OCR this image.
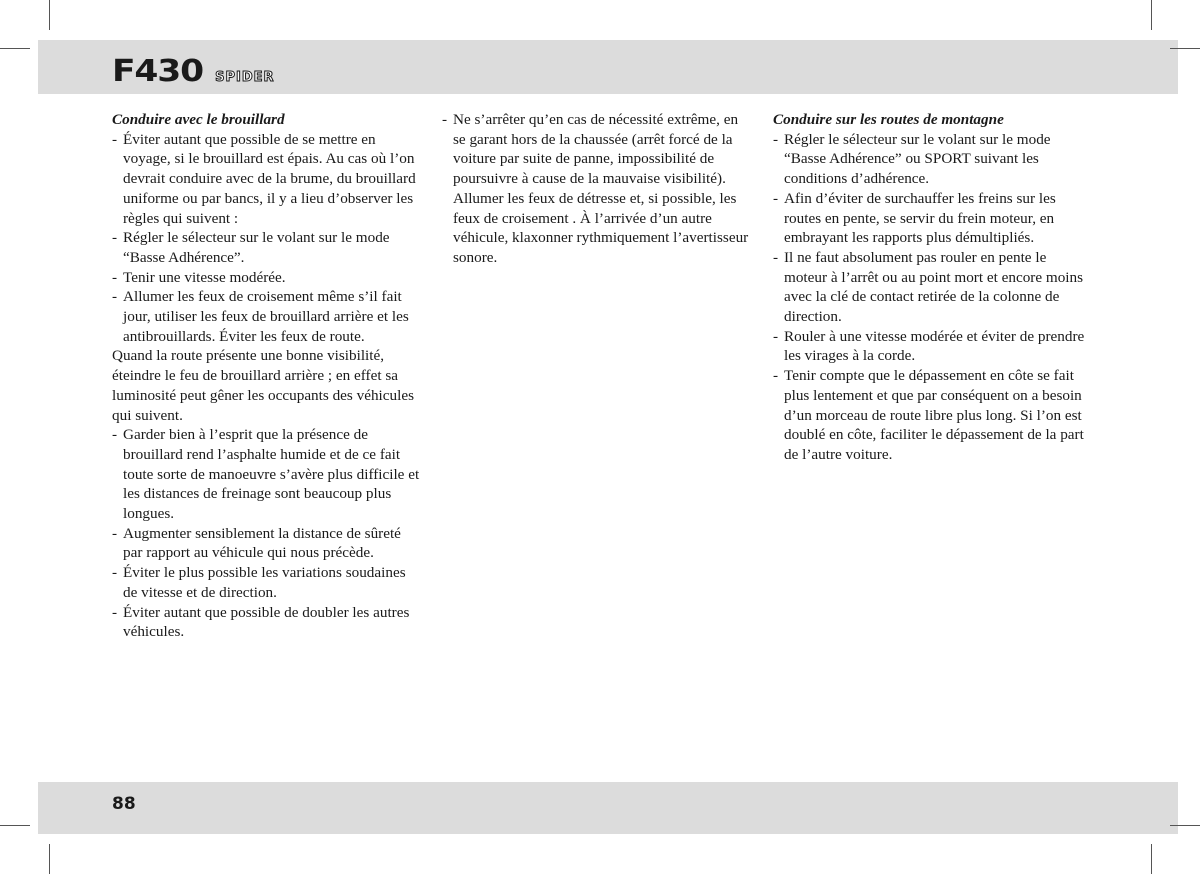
F430 SPIDER
Conduire avec le brouillard
- Éviter autant que possible de se mettre en voyage, si le brouillard est épais. Au cas où l’on devrait conduire avec de la brume, du brouillard uniforme ou par bancs, il y a lieu d’observer les règles qui suivent :
- Régler le sélecteur sur le volant sur le mode “Basse Adhérence”.
- Tenir une vitesse modérée.
- Allumer les feux de croisement même s’il fait jour, utiliser les feux de brouillard arrière et les antibrouillards. Éviter les feux de route.
Quand la route présente une bonne visibilité, éteindre le feu de brouillard arrière ; en effet sa luminosité peut gêner les occupants des véhicules qui suivent.
- Garder bien à l’esprit que la présence de brouillard rend l’asphalte humide et de ce fait toute sorte de manoeuvre s’avère plus difficile et les distances de freinage sont beaucoup plus longues.
- Augmenter sensiblement la distance de sûreté par rapport au véhicule qui nous précède.
- Éviter le plus possible les variations soudaines de vitesse et de direction.
- Éviter autant que possible de doubler les autres véhicules.
- Ne s’arrêter qu’en cas de nécessité extrême, en se garant hors de la chaussée (arrêt forcé de la voiture par suite de panne, impossibilité de poursuivre à cause de la mauvaise visibilité). Allumer les feux de détresse et, si possible, les feux de croisement . À l’arrivée d’un autre véhicule, klaxonner rythmiquement l’avertisseur sonore.
Conduire sur les routes de montagne
- Régler le sélecteur sur le volant sur le mode “Basse Adhérence” ou SPORT suivant les conditions d’adhérence.
- Afin d’éviter de surchauffer les freins sur les routes en pente, se servir du frein moteur, en embrayant les rapports plus démultipliés.
- Il ne faut absolument pas rouler en pente le moteur à l’arrêt ou au point mort et encore moins avec la clé de contact retirée de la colonne de direction.
- Rouler à une vitesse modérée et éviter de prendre les virages à la corde.
- Tenir compte que le dépassement en côte se fait plus lentement et que par conséquent on a besoin d’un morceau de route libre plus long. Si l’on est doublé en côte, faciliter le dépassement de la part de l’autre voiture.
88
